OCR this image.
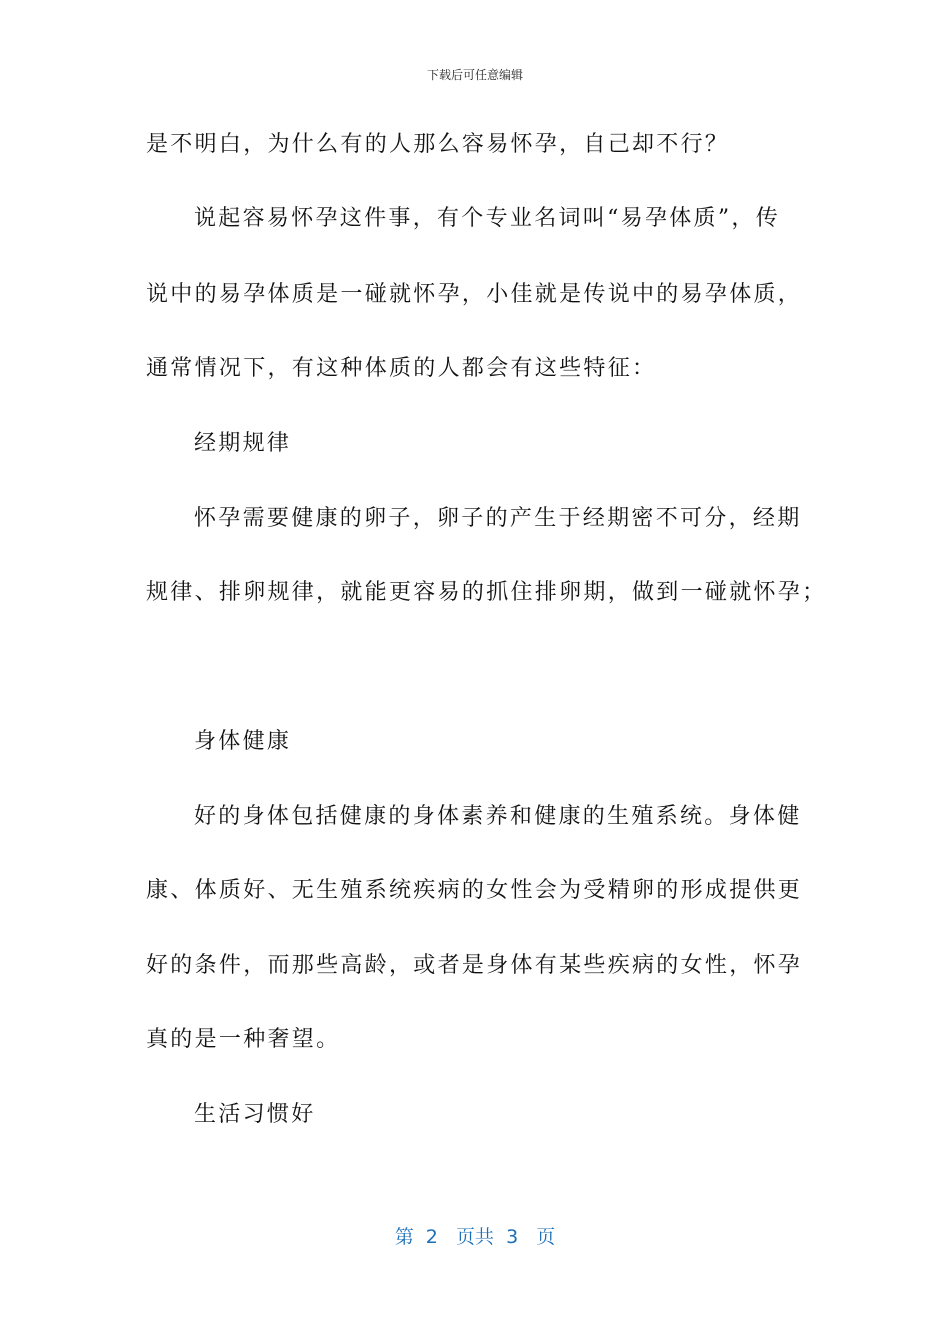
下载后可任意编辑
是不明白，为什么有的人那么容易怀孕，自己却不行？
说起容易怀孕这件事，有个专业名词叫“易孕体质”，传
说中的易孕体质是一碰就怀孕，小佳就是传说中的易孕体质，
通常情况下，有这种体质的人都会有这些特征：
经期规律
怀孕需要健康的卵子，卵子的产生于经期密不可分，经期
规律、排卵规律，就能更容易的抓住排卵期，做到一碰就怀孕；
身体健康
好的身体包括健康的身体素养和健康的生殖系统。身体健
康、体质好、无生殖系统疾病的女性会为受精卵的形成提供更
好的条件，而那些高龄，或者是身体有某些疾病的女性，怀孕
真的是一种奢望。
生活习惯好
第  2   页共  3   页
